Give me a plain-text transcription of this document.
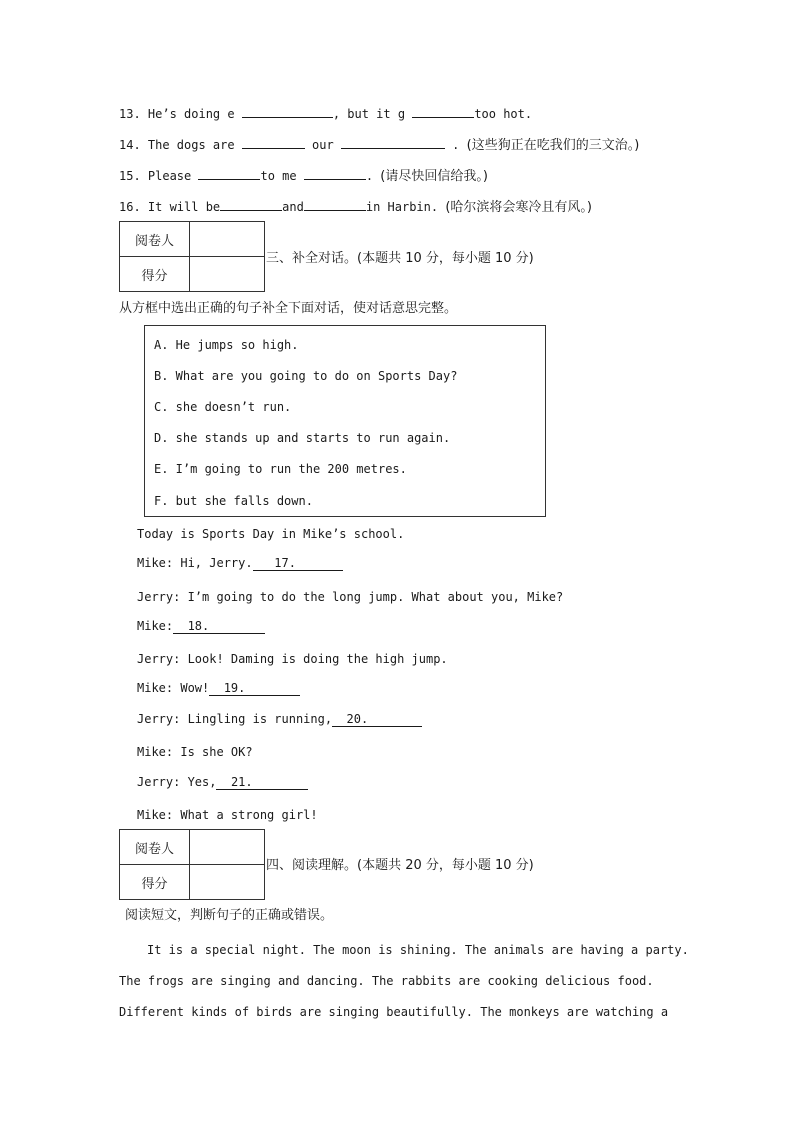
13. He’s doing e	, but it g	too hot.
14. The dogs are	our	. (这些狗正在吃我们的三文治。)
15. Please	to me	. (请尽快回信给我。)
16. It will be	and	in Harbin. (哈尔滨将会寒冷且有风。)
阅卷人	
得分	
三、补全对话。(本题共 10 分，每小题 10 分)
从方框中选出正确的句子补全下面对话，使对话意思完整。
A. He jumps so high.
B. What are you going to do on Sports Day?
C. she doesn’t run.
D. she stands up and starts to run again.
E. I’m going to run the 200 metres.
F. but she falls down.
Today is Sports Day in Mike’s school.
Mike: Hi, Jerry. 17.
Jerry: I’m going to do the long jump. What about you, Mike?
Mike: 18.
Jerry: Look! Daming is doing the high jump.
Mike: Wow! 19.
Jerry: Lingling is running, 20.
Mike: Is she OK?
Jerry: Yes, 21.
Mike: What a strong girl!
阅卷人	
得分	
四、阅读理解。(本题共 20 分，每小题 10 分)
阅读短文，判断句子的正确或错误。
It is a special night. The moon is shining. The animals are having a party.
The frogs are singing and dancing. The rabbits are cooking delicious food.
Different kinds of birds are singing beautifully. The monkeys are watching a
